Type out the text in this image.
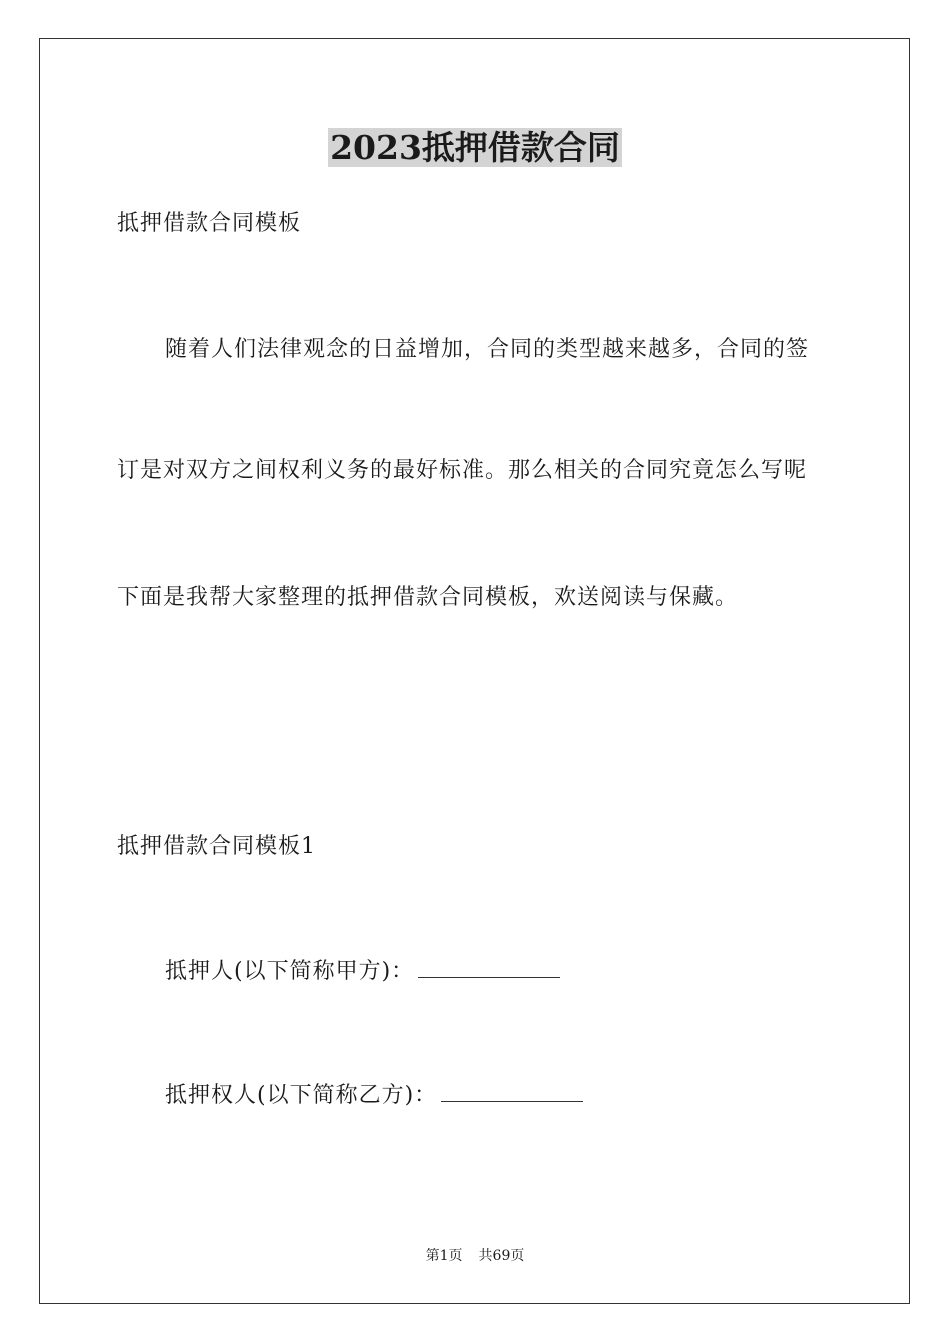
2023抵押借款合同
抵押借款合同模板
随着人们法律观念的日益增加，合同的类型越来越多，合同的签
订是对双方之间权利义务的最好标准。那么相关的合同究竟怎么写呢
下面是我帮大家整理的抵押借款合同模板，欢送阅读与保藏。
抵押借款合同模板1
抵押人(以下简称甲方)：
抵押权人(以下简称乙方)：
第1页 共69页
